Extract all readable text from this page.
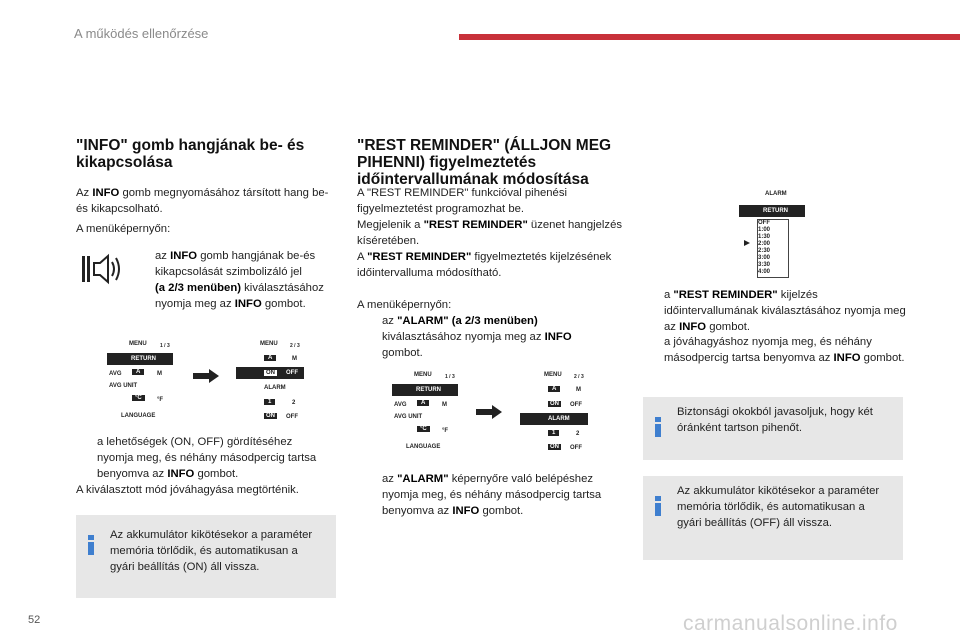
A működés ellenőrzése
"INFO" gomb hangjának be- és kikapcsolása
Az INFO gomb megnyomásához társított hang be- és kikapcsolható.
A menüképernyőn:
az INFO gomb hangjának be-és kikapcsolását szimbolizáló jel
(a 2/3 menüben) kiválasztásához nyomja meg az INFO gombot.
MENU	1 / 3
RETURN
AVG	A	M
AVG UNIT
°C	°F
LANGUAGE
MENU 2 / 3
A	M
ON	OFF
ALARM
1	2
ON	OFF
a lehetőségek (ON, OFF) gördítéséhez nyomja meg, és néhány másodpercig tartsa benyomva az INFO gombot.
A kiválasztott mód jóváhagyása megtörténik.
Az akkumulátor kikötésekor a paraméter memória törlődik, és automatikusan a gyári beállítás (ON) áll vissza.
"REST REMINDER" (ÁLLJON MEG PIHENNI) figyelmeztetés időintervallumának módosítása
A "REST REMINDER" funkcióval pihenési figyelmeztetést programozhat be.
Megjelenik a "REST REMINDER" üzenet hangjelzés kíséretében.
A "REST REMINDER" figyelmeztetés kijelzésének időintervalluma módosítható.
A menüképernyőn:
az "ALARM" (a 2/3 menüben) kiválasztásához nyomja meg az INFO gombot.
MENU	1 / 3
RETURN
AVG	A	M
AVG UNIT
°C	°F
LANGUAGE
MENU 2 / 3
A	M
ON	OFF
ALARM
1	2
ON	OFF
az "ALARM" képernyőre való belépéshez nyomja meg, és néhány másodpercig tartsa benyomva az INFO gombot.
ALARM
RETURN
OFF
1:00
1:30
2:00
2:30
3:00
3:30
4:00
a "REST REMINDER" kijelzés időintervallumának kiválasztásához nyomja meg az INFO gombot.
a jóváhagyáshoz nyomja meg, és néhány másodpercig tartsa benyomva az INFO gombot.
Biztonsági okokból javasoljuk, hogy két óránként tartson pihenőt.
Az akkumulátor kikötésekor a paraméter memória törlődik, és automatikusan a gyári beállítás (OFF) áll vissza.
52	carmanualsonline.info
